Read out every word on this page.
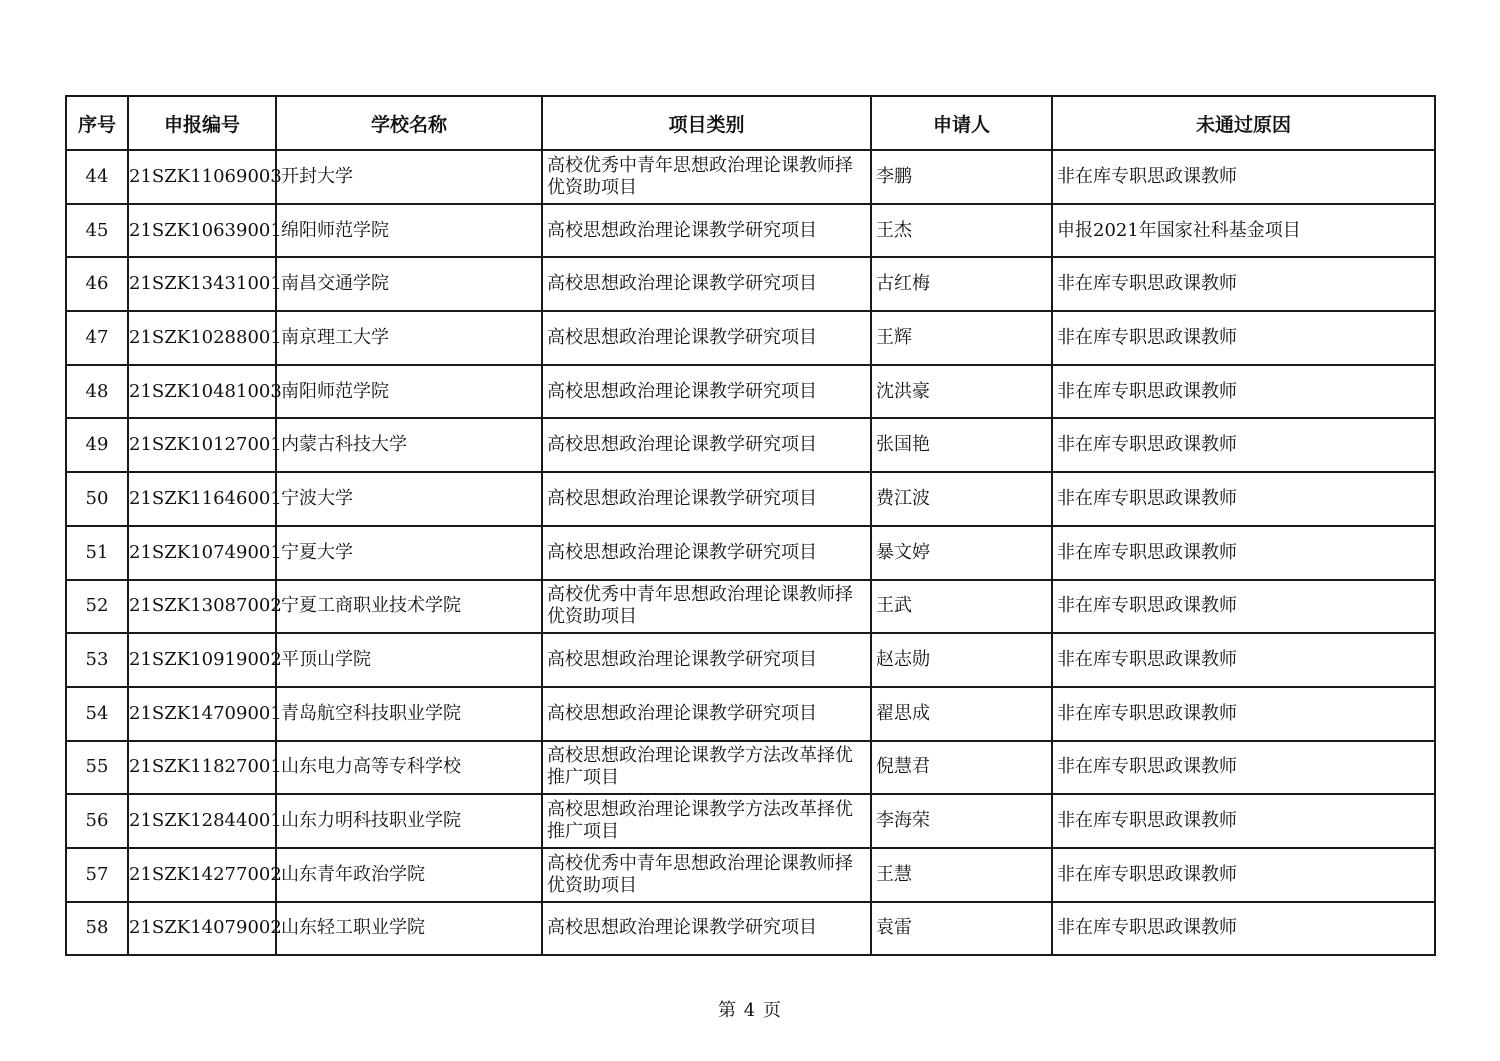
序号	申报编号	学校名称	项目类别	申请人	未通过原因
44	21SZK11069003	开封大学	高校优秀中青年思想政治理论课教师择优资助项目	李鹏	非在库专职思政课教师
45	21SZK10639001	绵阳师范学院	高校思想政治理论课教学研究项目	王杰	申报2021年国家社科基金项目
46	21SZK13431001	南昌交通学院	高校思想政治理论课教学研究项目	古红梅	非在库专职思政课教师
47	21SZK10288001	南京理工大学	高校思想政治理论课教学研究项目	王辉	非在库专职思政课教师
48	21SZK10481003	南阳师范学院	高校思想政治理论课教学研究项目	沈洪豪	非在库专职思政课教师
49	21SZK10127001	内蒙古科技大学	高校思想政治理论课教学研究项目	张国艳	非在库专职思政课教师
50	21SZK11646001	宁波大学	高校思想政治理论课教学研究项目	费江波	非在库专职思政课教师
51	21SZK10749001	宁夏大学	高校思想政治理论课教学研究项目	暴文婷	非在库专职思政课教师
52	21SZK13087002	宁夏工商职业技术学院	高校优秀中青年思想政治理论课教师择优资助项目	王武	非在库专职思政课教师
53	21SZK10919002	平顶山学院	高校思想政治理论课教学研究项目	赵志勋	非在库专职思政课教师
54	21SZK14709001	青岛航空科技职业学院	高校思想政治理论课教学研究项目	翟思成	非在库专职思政课教师
55	21SZK11827001	山东电力高等专科学校	高校思想政治理论课教学方法改革择优推广项目	倪慧君	非在库专职思政课教师
56	21SZK12844001	山东力明科技职业学院	高校思想政治理论课教学方法改革择优推广项目	李海荣	非在库专职思政课教师
57	21SZK14277002	山东青年政治学院	高校优秀中青年思想政治理论课教师择优资助项目	王慧	非在库专职思政课教师
58	21SZK14079002	山东轻工职业学院	高校思想政治理论课教学研究项目	袁雷	非在库专职思政课教师
第 4 页
